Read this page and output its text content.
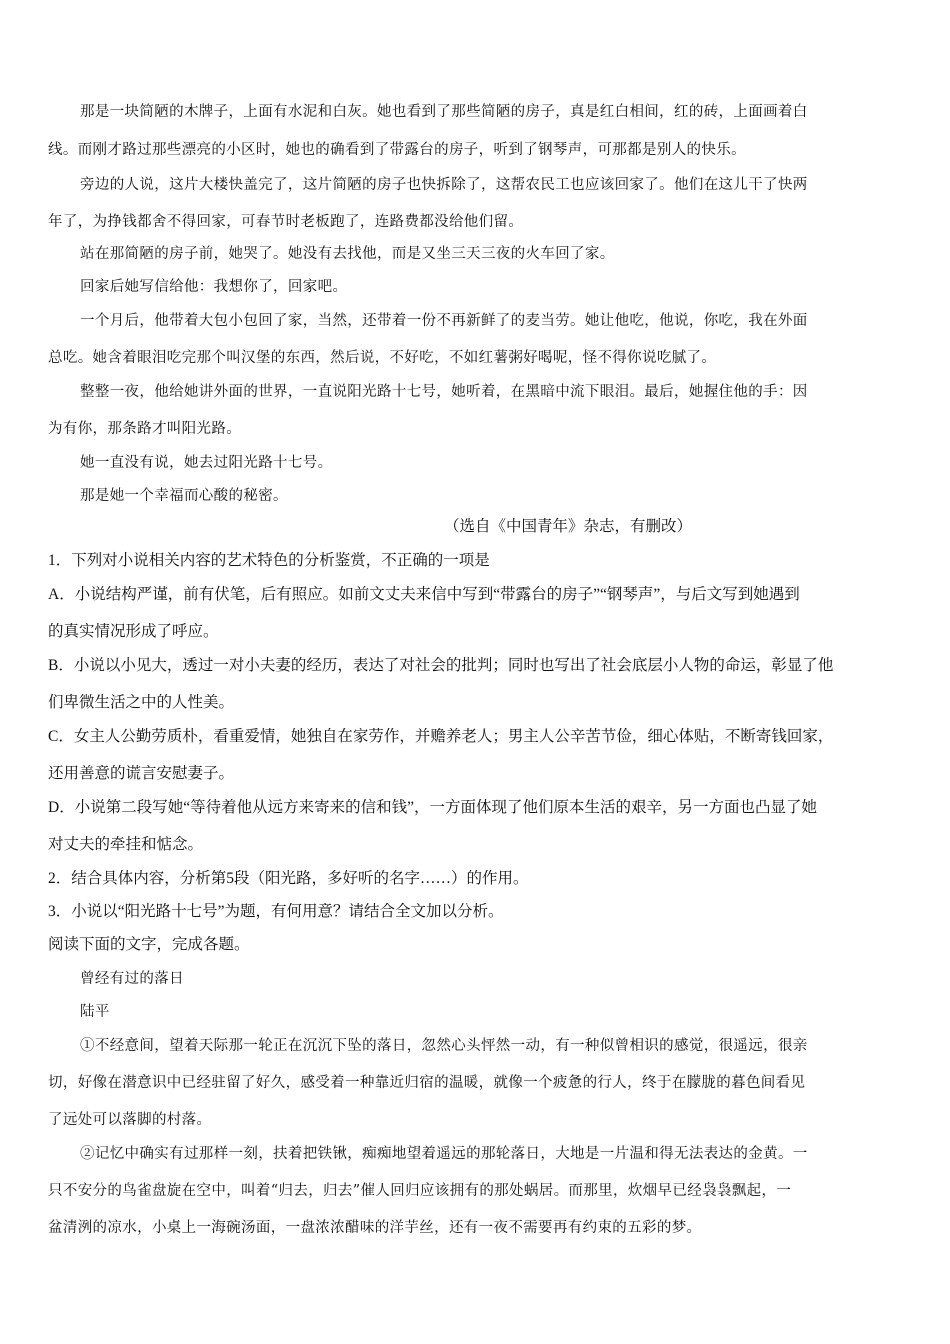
那是一块简陋的木牌子，上面有水泥和白灰。她也看到了那些简陋的房子，真是红白相间，红的砖，上面画着白
线。而刚才路过那些漂亮的小区时，她也的确看到了带露台的房子，听到了钢琴声，可那都是别人的快乐。
旁边的人说，这片大楼快盖完了，这片简陋的房子也快拆除了，这帮农民工也应该回家了。他们在这儿干了快两
年了，为挣钱都舍不得回家，可春节时老板跑了，连路费都没给他们留。
站在那简陋的房子前，她哭了。她没有去找他，而是又坐三天三夜的火车回了家。
回家后她写信给他：我想你了，回家吧。
一个月后，他带着大包小包回了家，当然，还带着一份不再新鲜了的麦当劳。她让他吃，他说，你吃，我在外面
总吃。她含着眼泪吃完那个叫汉堡的东西，然后说，不好吃，不如红薯粥好喝呢，怪不得你说吃腻了。
整整一夜，他给她讲外面的世界，一直说阳光路十七号，她听着，在黑暗中流下眼泪。最后，她握住他的手：因
为有你，那条路才叫阳光路。
她一直没有说，她去过阳光路十七号。
那是她一个幸福而心酸的秘密。
（选自《中国青年》杂志，有删改）
1．下列对小说相关内容的艺术特色的分析鉴赏，不正确的一项是
A．小说结构严谨，前有伏笔，后有照应。如前文丈夫来信中写到“带露台的房子”“钢琴声”，与后文写到她遇到
的真实情况形成了呼应。
B．小说以小见大，透过一对小夫妻的经历，表达了对社会的批判；同时也写出了社会底层小人物的命运，彰显了他
们卑微生活之中的人性美。
C．女主人公勤劳质朴，看重爱情，她独自在家劳作，并赡养老人；男主人公辛苦节俭，细心体贴，不断寄钱回家，
还用善意的谎言安慰妻子。
D．小说第二段写她“等待着他从远方来寄来的信和钱”，一方面体现了他们原本生活的艰辛，另一方面也凸显了她
对丈夫的牵挂和惦念。
2．结合具体内容，分析第5段（阳光路，多好听的名字……）的作用。
3．小说以“阳光路十七号”为题，有何用意？请结合全文加以分析。
阅读下面的文字，完成各题。
曾经有过的落日
陆平
①不经意间，望着天际那一轮正在沉沉下坠的落日，忽然心头怦然一动，有一种似曾相识的感觉，很遥远，很亲
切，好像在潜意识中已经驻留了好久，感受着一种靠近归宿的温暖，就像一个疲惫的行人，终于在朦胧的暮色间看见
了远处可以落脚的村落。
②记忆中确实有过那样一刻，扶着把铁锹，痴痴地望着遥远的那轮落日，大地是一片温和得无法表达的金黄。一
只不安分的鸟雀盘旋在空中，叫着“归去，归去”催人回归应该拥有的那处蜗居。而那里，炊烟早已经袅袅飘起，一
盆清洌的凉水，小桌上一海碗汤面，一盘浓浓醋味的洋芋丝，还有一夜不需要再有约束的五彩的梦。
